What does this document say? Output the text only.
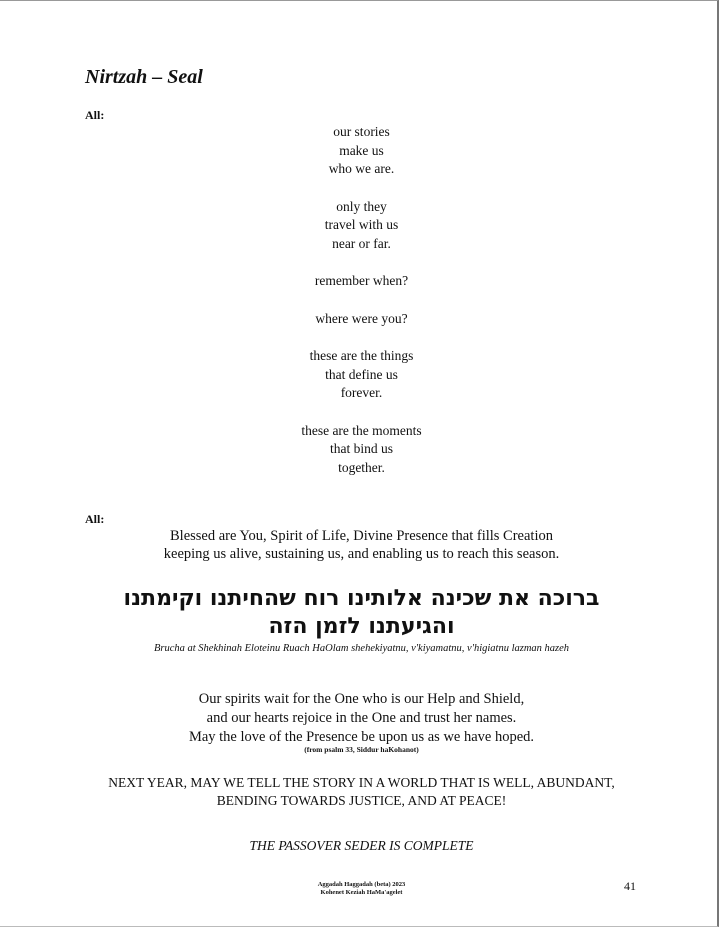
Nirtzah – Seal
All:
our stories
make us
who we are.
only they
travel with us
near or far.
remember when?
where were you?
these are the things
that define us
forever.
these are the moments
that bind us
together.
All:
Blessed are You, Spirit of Life, Divine Presence that fills Creation
keeping us alive, sustaining us, and enabling us to reach this season.
ברוכה את שכינה אלותינו רוח שהחיתנו וקימתנו
והגיעתנו לזמן הזה
Brucha at Shekhinah Eloteinu Ruach HaOlam shehekiyatnu, v'kiyamatnu, v'higiatnu lazman hazeh
Our spirits wait for the One who is our Help and Shield,
and our hearts rejoice in the One and trust her names.
May the love of the Presence be upon us as we have hoped.
(from psalm 33, Siddur haKohanot)
NEXT YEAR, MAY WE TELL THE STORY IN A WORLD THAT IS WELL, ABUNDANT,
BENDING TOWARDS JUSTICE, AND AT PEACE!
THE PASSOVER SEDER IS COMPLETE
Aggadah Haggadah (beta) 2023
Kohenet Keziah HaMa'agelet	41
